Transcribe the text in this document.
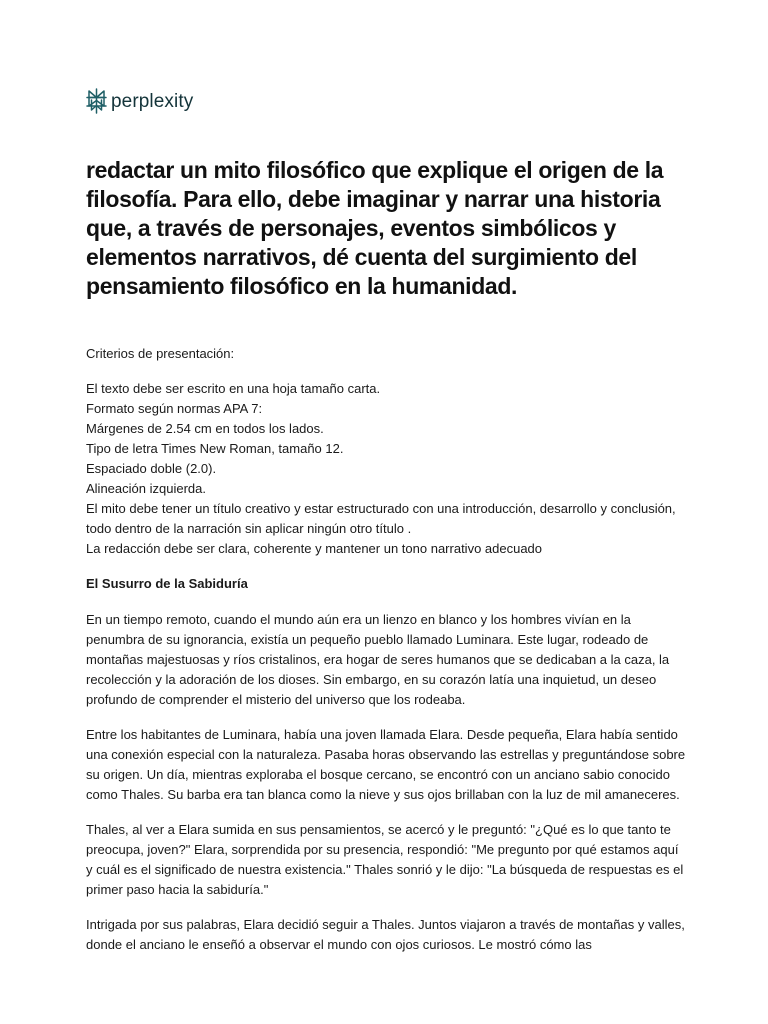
perplexity
redactar un mito filosófico que explique el origen de la filosofía. Para ello, debe imaginar y narrar una historia que, a través de personajes, eventos simbólicos y elementos narrativos, dé cuenta del surgimiento del pensamiento filosófico en la humanidad.

Criterios de presentación:

El texto debe ser escrito en una hoja tamaño carta.
Formato según normas APA 7:
Márgenes de 2.54 cm en todos los lados.
Tipo de letra Times New Roman, tamaño 12.
Espaciado doble (2.0).
Alineación izquierda.
El mito debe tener un título creativo y estar estructurado con una introducción, desarrollo y conclusión, todo dentro de la narración sin aplicar ningún otro título .
La redacción debe ser clara, coherente y mantener un tono narrativo adecuado

El Susurro de la Sabiduría

En un tiempo remoto, cuando el mundo aún era un lienzo en blanco y los hombres vivían en la penumbra de su ignorancia, existía un pequeño pueblo llamado Luminara. Este lugar, rodeado de montañas majestuosas y ríos cristalinos, era hogar de seres humanos que se dedicaban a la caza, la recolección y la adoración de los dioses. Sin embargo, en su corazón latía una inquietud, un deseo profundo de comprender el misterio del universo que los rodeaba.

Entre los habitantes de Luminara, había una joven llamada Elara. Desde pequeña, Elara había sentido una conexión especial con la naturaleza. Pasaba horas observando las estrellas y preguntándose sobre su origen. Un día, mientras exploraba el bosque cercano, se encontró con un anciano sabio conocido como Thales. Su barba era tan blanca como la nieve y sus ojos brillaban con la luz de mil amaneceres.

Thales, al ver a Elara sumida en sus pensamientos, se acercó y le preguntó: "¿Qué es lo que tanto te preocupa, joven?" Elara, sorprendida por su presencia, respondió: "Me pregunto por qué estamos aquí y cuál es el significado de nuestra existencia." Thales sonrió y le dijo: "La búsqueda de respuestas es el primer paso hacia la sabiduría."

Intrigada por sus palabras, Elara decidió seguir a Thales. Juntos viajaron a través de montañas y valles, donde el anciano le enseñó a observar el mundo con ojos curiosos. Le mostró cómo las
